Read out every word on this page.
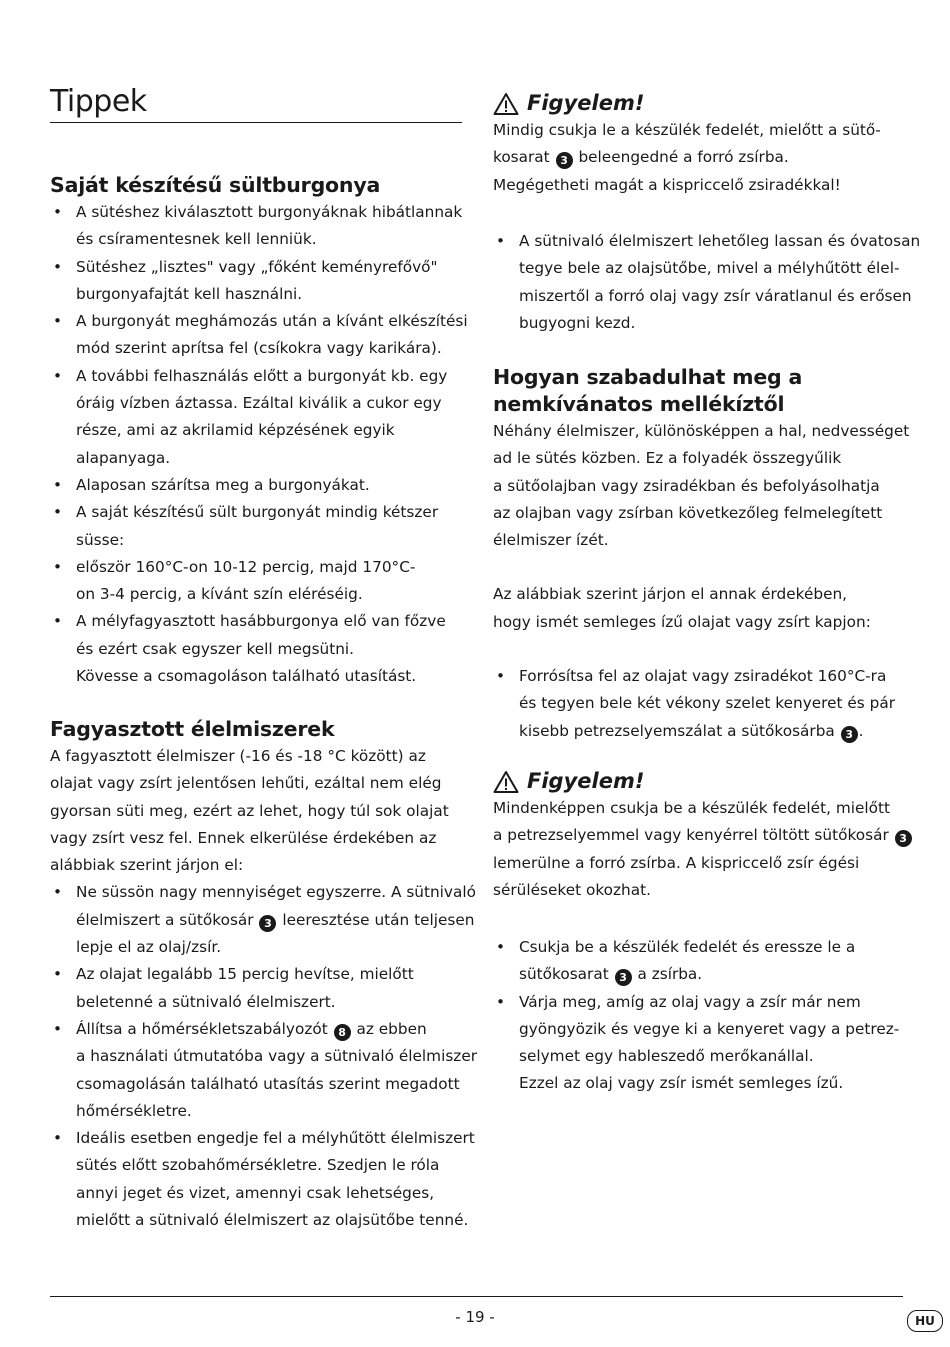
Tippek
Saját készítésű sültburgonya
• A sütéshez kiválasztott burgonyáknak hibátlannak
és csíramentesnek kell lenniük.
• Sütéshez „lisztes" vagy „főként keményrefővő"
burgonyafajtát kell használni.
• A burgonyát meghámozás után a kívánt elkészítési
mód szerint aprítsa fel (csíkokra vagy karikára).
• A további felhasználás előtt a burgonyát kb. egy
óráig vízben áztassa. Ezáltal kiválik a cukor egy
része, ami az akrilamid képzésének egyik
alapanyaga.
• Alaposan szárítsa meg a burgonyákat.
• A saját készítésű sült burgonyát mindig kétszer
süsse:
• először 160°C-on 10-12 percig, majd 170°C-
on 3-4 percig, a kívánt szín eléréséig.
• A mélyfagyasztott hasábburgonya elő van főzve
és ezért csak egyszer kell megsütni.
Kövesse a csomagoláson található utasítást.
Fagyasztott élelmiszerek

A fagyasztott élelmiszer (-16 és -18 °C között) az
olajat vagy zsírt jelentősen lehűti, ezáltal nem elég
gyorsan süti meg, ezért az lehet, hogy túl sok olajat
vagy zsírt vesz fel. Ennek elkerülése érdekében az
alábbiak szerint járjon el:

• Ne süssön nagy mennyiséget egyszerre. A sütnivaló
élelmiszert a sütőkosár 3 leeresztése után teljesen
lepje el az olaj/zsír.
• Az olajat legalább 15 percig hevítse, mielőtt
beletenné a sütnivaló élelmiszert.
• Állítsa a hőmérsékletszabályozót 8 az ebben
a használati útmutatóba vagy a sütnivaló élelmiszer
csomagolásán található utasítás szerint megadott
hőmérsékletre.
• Ideális esetben engedje fel a mélyhűtött élelmiszert
sütés előtt szobahőmérsékletre. Szedjen le róla
annyi jeget és vizet, amennyi csak lehetséges,
mielőtt a sütnivaló élelmiszert az olajsütőbe tenné.
Figyelem!

Mindig csukja le a készülék fedelét, mielőtt a sütő-
kosarat 3 beleengedné a forró zsírba.
Megégetheti magát a kispriccelő zsiradékkal!

• A sütnivaló élelmiszert lehetőleg lassan és óvatosan
tegye bele az olajsütőbe, mivel a mélyhűtött élel-
miszertől a forró olaj vagy zsír váratlanul és erősen
bugyogni kezd.
Hogyan szabadulhat meg a
nemkívánatos mellékíztől

Néhány élelmiszer, különösképpen a hal, nedvességet
ad le sütés közben. Ez a folyadék összegyűlik
a sütőolajban vagy zsiradékban és befolyásolhatja
az olajban vagy zsírban következőleg felmelegített
élelmiszer ízét.

Az alábbiak szerint járjon el annak érdekében,
hogy ismét semleges ízű olajat vagy zsírt kapjon:

• Forrósítsa fel az olajat vagy zsiradékot 160°C-ra
és tegyen bele két vékony szelet kenyeret és pár
kisebb petrezselyemszálat a sütőkosárba 3 .
Figyelem!

Mindenképpen csukja be a készülék fedelét, mielőtt
a petrezselyemmel vagy kenyérrel töltött sütőkosár 3
lemerülne a forró zsírba. A kispriccelő zsír égési
sérüléseket okozhat.

• Csukja be a készülék fedelét és eressze le a
sütőkosarat 3 a zsírba.
• Várja meg, amíg az olaj vagy a zsír már nem
gyöngyözik és vegye ki a kenyeret vagy a petrez-
selymet egy hableszedő merőkanállal.
Ezzel az olaj vagy zsír ismét semleges ízű.
- 19 -	HU
